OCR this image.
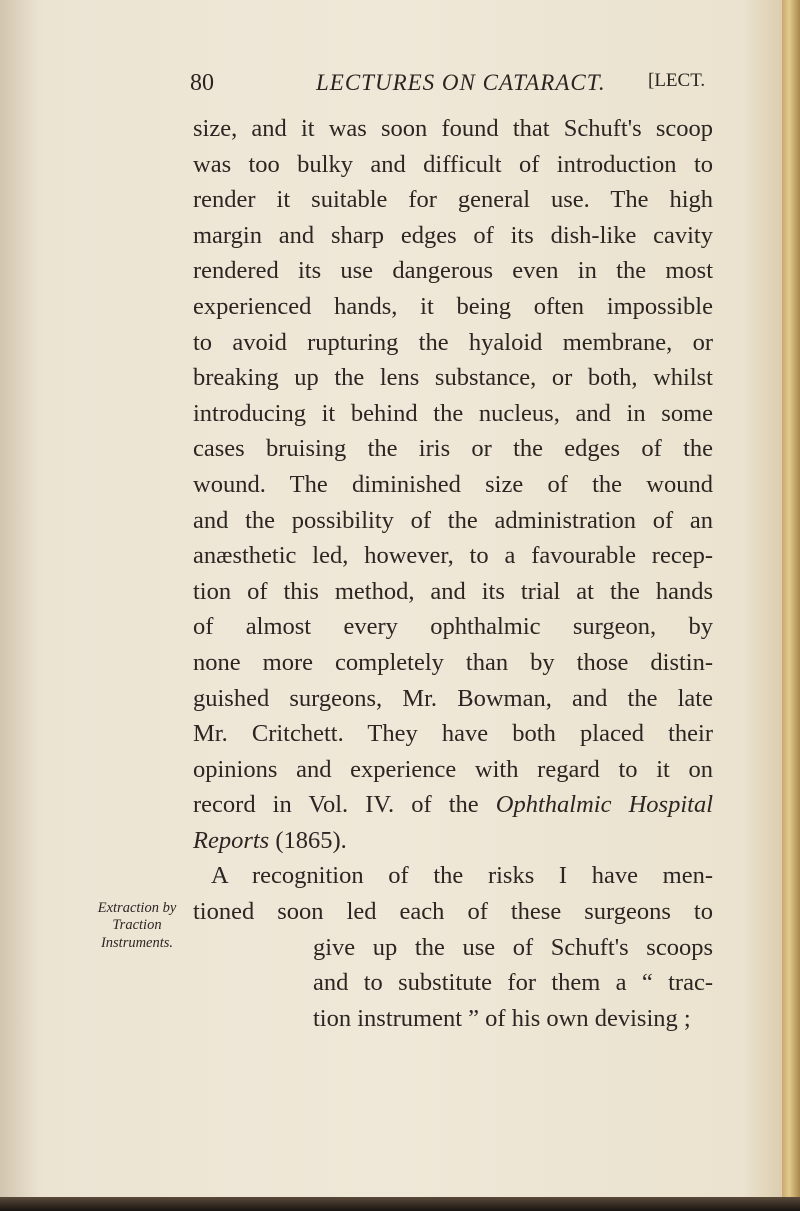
80	LECTURES ON CATARACT. [LECT.
size, and it was soon found that Schuft's scoop
was too bulky and difficult of introduction to
render it suitable for general use. The high
margin and sharp edges of its dish-like cavity
rendered its use dangerous even in the most
experienced hands, it being often impossible
to avoid rupturing the hyaloid membrane, or
breaking up the lens substance, or both, whilst
introducing it behind the nucleus, and in some
cases bruising the iris or the edges of the
wound. The diminished size of the wound
and the possibility of the administration of an
anæsthetic led, however, to a favourable recep-
tion of this method, and its trial at the hands
of almost every ophthalmic surgeon, by
none more completely than by those distin-
guished surgeons, Mr. Bowman, and the late
Mr. Critchett. They have both placed their
opinions and experience with regard to it on
record in Vol. IV. of the Ophthalmic Hospital
Reports (1865).
A recognition of the risks I have men-
tioned soon led each of these surgeons to
give up the use of Schuft's scoops
and to substitute for them a “ trac-
tion instrument ” of his own devising ;
Extraction by
Traction
Instruments.
